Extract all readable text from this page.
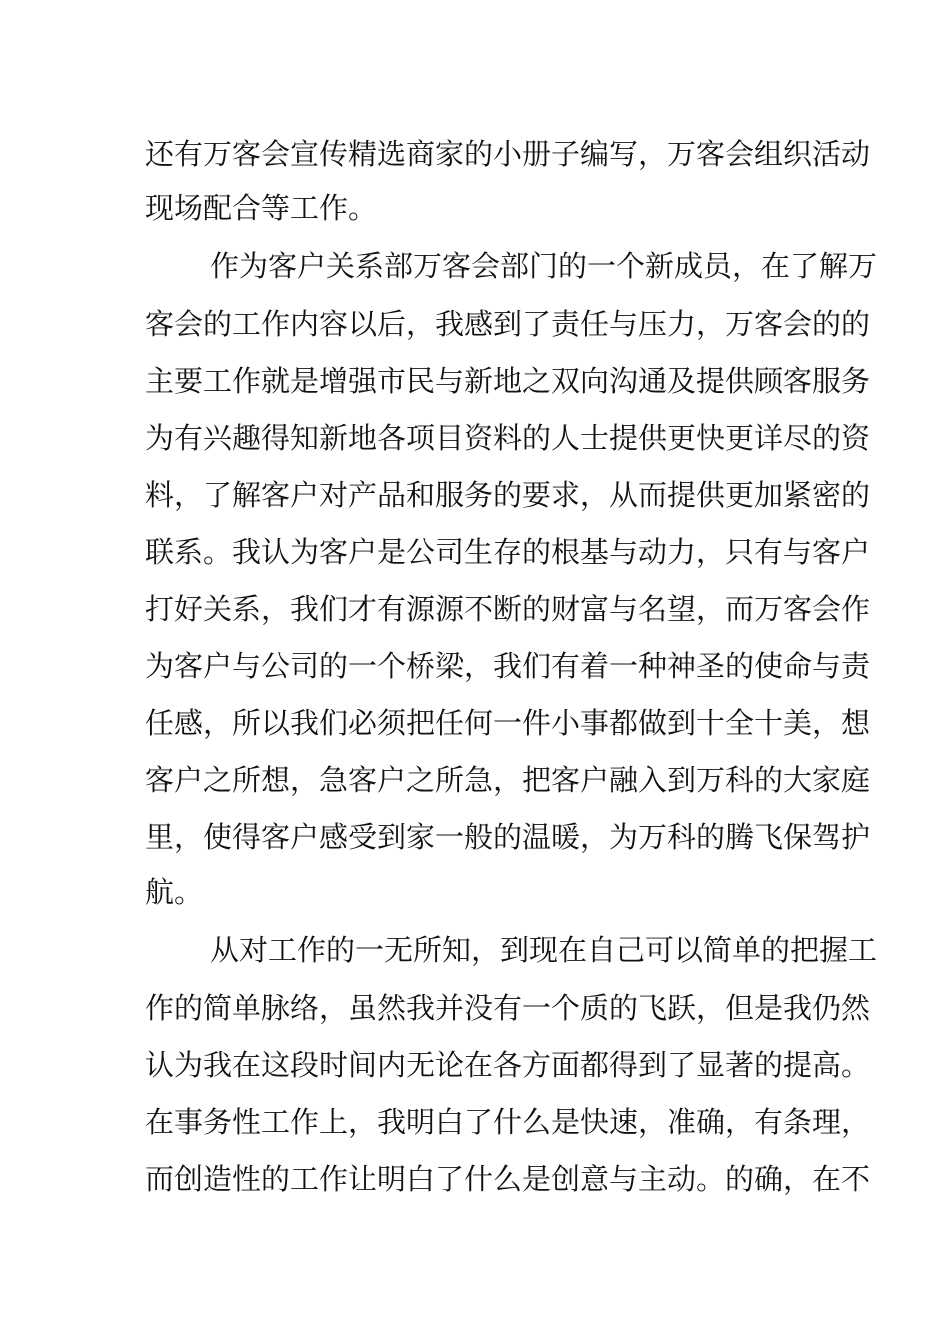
还有万客会宣传精选商家的小册子编写，万客会组织活动
现场配合等工作。
作为客户关系部万客会部门的一个新成员，在了解万
客会的工作内容以后，我感到了责任与压力，万客会的的
主要工作就是增强市民与新地之双向沟通及提供顾客服务
为有兴趣得知新地各项目资料的人士提供更快更详尽的资
料，了解客户对产品和服务的要求，从而提供更加紧密的
联系。我认为客户是公司生存的根基与动力，只有与客户
打好关系，我们才有源源不断的财富与名望，而万客会作
为客户与公司的一个桥梁，我们有着一种神圣的使命与责
任感，所以我们必须把任何一件小事都做到十全十美，想
客户之所想，急客户之所急，把客户融入到万科的大家庭
里，使得客户感受到家一般的温暖，为万科的腾飞保驾护
航。
从对工作的一无所知，到现在自己可以简单的把握工
作的简单脉络，虽然我并没有一个质的飞跃，但是我仍然
认为我在这段时间内无论在各方面都得到了显著的提高。
在事务性工作上，我明白了什么是快速，准确，有条理，
而创造性的工作让明白了什么是创意与主动。的确，在不
